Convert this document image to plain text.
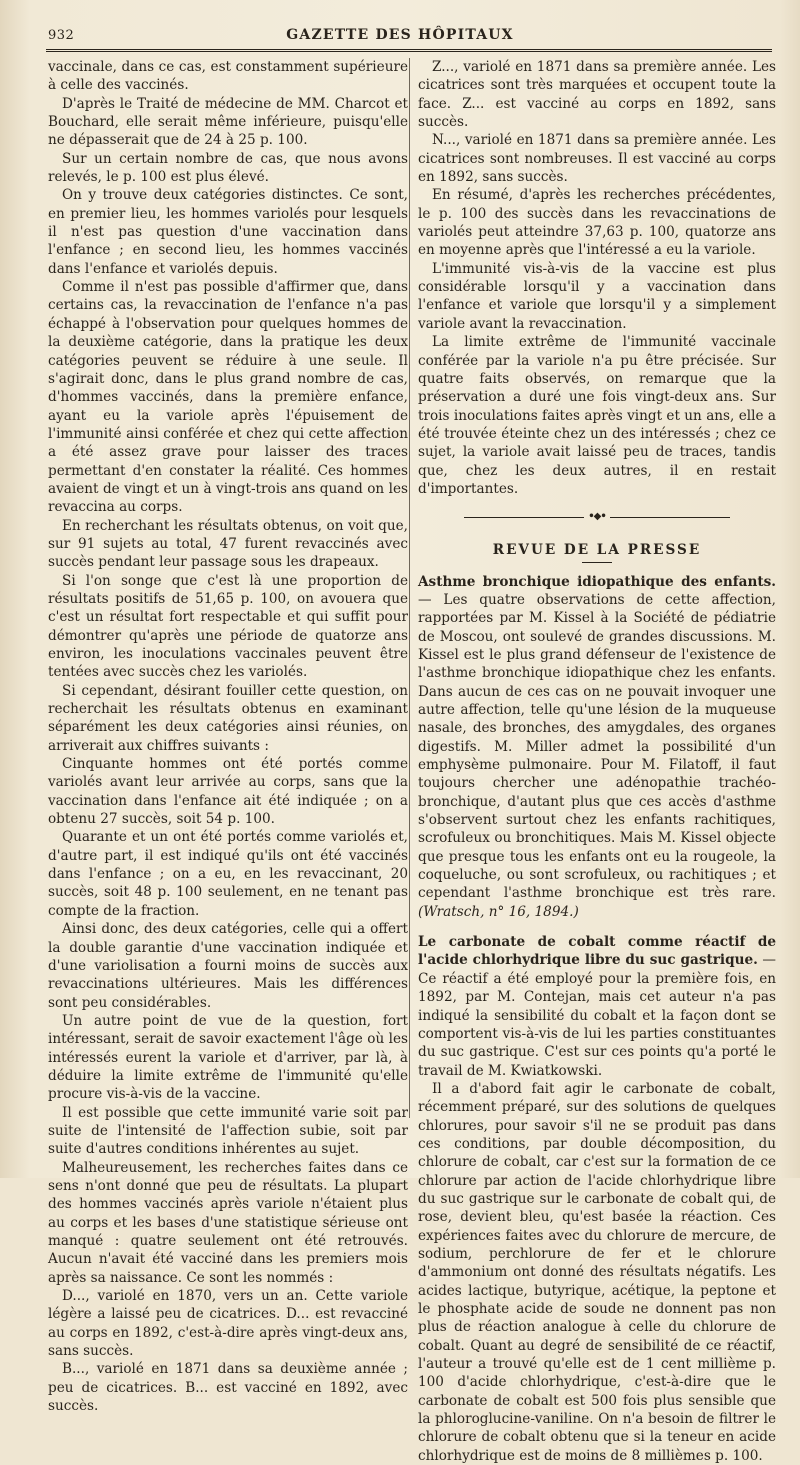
932	GAZETTE DES HÔPITAUX

vaccinale, dans ce cas, est constamment supérieure à celle des vaccinés.

D'après le Traité de médecine de MM. Charcot et Bouchard, elle serait même inférieure, puisqu'elle ne dépasserait que de 24 à 25 p. 100.

Sur un certain nombre de cas, que nous avons relevés, le p. 100 est plus élevé.

On y trouve deux catégories distinctes. Ce sont, en premier lieu, les hommes variolés pour lesquels il n'est pas question d'une vaccination dans l'enfance ; en second lieu, les hommes vaccinés dans l'enfance et variolés depuis.

Comme il n'est pas possible d'affirmer que, dans certains cas, la revaccination de l'enfance n'a pas échappé à l'observation pour quelques hommes de la deuxième catégorie, dans la pratique les deux catégories peuvent se réduire à une seule. Il s'agirait donc, dans le plus grand nombre de cas, d'hommes vaccinés, dans la première enfance, ayant eu la variole après l'épuisement de l'immunité ainsi conférée et chez qui cette affection a été assez grave pour laisser des traces permettant d'en constater la réalité. Ces hommes avaient de vingt et un à vingt-trois ans quand on les revaccina au corps.

En recherchant les résultats obtenus, on voit que, sur 91 sujets au total, 47 furent revaccinés avec succès pendant leur passage sous les drapeaux.

Si l'on songe que c'est là une proportion de résultats positifs de 51,65 p. 100, on avouera que c'est un résultat fort respectable et qui suffit pour démontrer qu'après une période de quatorze ans environ, les inoculations vaccinales peuvent être tentées avec succès chez les variolés.

Si cependant, désirant fouiller cette question, on recherchait les résultats obtenus en examinant séparément les deux catégories ainsi réunies, on arriverait aux chiffres suivants :

Cinquante hommes ont été portés comme variolés avant leur arrivée au corps, sans que la vaccination dans l'enfance ait été indiquée ; on a obtenu 27 succès, soit 54 p. 100.

Quarante et un ont été portés comme variolés et, d'autre part, il est indiqué qu'ils ont été vaccinés dans l'enfance ; on a eu, en les revaccinant, 20 succès, soit 48 p. 100 seulement, en ne tenant pas compte de la fraction.

Ainsi donc, des deux catégories, celle qui a offert la double garantie d'une vaccination indiquée et d'une variolisation a fourni moins de succès aux revaccinations ultérieures. Mais les différences sont peu considérables.

Un autre point de vue de la question, fort intéressant, serait de savoir exactement l'âge où les intéressés eurent la variole et d'arriver, par là, à déduire la limite extrême de l'immunité qu'elle procure vis-à-vis de la vaccine.

Il est possible que cette immunité varie soit par suite de l'intensité de l'affection subie, soit par suite d'autres conditions inhérentes au sujet.

Malheureusement, les recherches faites dans ce sens n'ont donné que peu de résultats. La plupart des hommes vaccinés après variole n'étaient plus au corps et les bases d'une statistique sérieuse ont manqué : quatre seulement ont été retrouvés. Aucun n'avait été vacciné dans les premiers mois après sa naissance. Ce sont les nommés :

D..., variolé en 1870, vers un an. Cette variole légère a laissé peu de cicatrices. D... est revacciné au corps en 1892, c'est-à-dire après vingt-deux ans, sans succès.

B..., variolé en 1871 dans sa deuxième année ; peu de cicatrices. B... est vacciné en 1892, avec succès.

Z..., variolé en 1871 dans sa première année. Les cicatrices sont très marquées et occupent toute la face. Z... est vacciné au corps en 1892, sans succès.

N..., variolé en 1871 dans sa première année. Les cicatrices sont nombreuses. Il est vacciné au corps en 1892, sans succès.

En résumé, d'après les recherches précédentes, le p. 100 des succès dans les revaccinations de variolés peut atteindre 37,63 p. 100, quatorze ans en moyenne après que l'intéressé a eu la variole.

L'immunité vis-à-vis de la vaccine est plus considérable lorsqu'il y a vaccination dans l'enfance et variole que lorsqu'il y a simplement variole avant la revaccination.

La limite extrême de l'immunité vaccinale conférée par la variole n'a pu être précisée. Sur quatre faits observés, on remarque que la préservation a duré une fois vingt-deux ans. Sur trois inoculations faites après vingt et un ans, elle a été trouvée éteinte chez un des intéressés ; chez ce sujet, la variole avait laissé peu de traces, tandis que, chez les deux autres, il en restait d'importantes.

•◆•
REVUE DE LA PRESSE

Asthme bronchique idiopathique des enfants. — Les quatre observations de cette affection, rapportées par M. Kissel à la Société de pédiatrie de Moscou, ont soulevé de grandes discussions. M. Kissel est le plus grand défenseur de l'existence de l'asthme bronchique idiopathique chez les enfants. Dans aucun de ces cas on ne pouvait invoquer une autre affection, telle qu'une lésion de la muqueuse nasale, des bronches, des amygdales, des organes digestifs. M. Miller admet la possibilité d'un emphysème pulmonaire. Pour M. Filatoff, il faut toujours chercher une adénopathie trachéo-bronchique, d'autant plus que ces accès d'asthme s'observent surtout chez les enfants rachitiques, scrofuleux ou bronchitiques. Mais M. Kissel objecte que presque tous les enfants ont eu la rougeole, la coqueluche, ou sont scrofuleux, ou rachitiques ; et cependant l'asthme bronchique est très rare. (Wratsch, n° 16, 1894.)

Le carbonate de cobalt comme réactif de l'acide chlorhydrique libre du suc gastrique. — Ce réactif a été employé pour la première fois, en 1892, par M. Contejan, mais cet auteur n'a pas indiqué la sensibilité du cobalt et la façon dont se comportent vis-à-vis de lui les parties constituantes du suc gastrique. C'est sur ces points qu'a porté le travail de M. Kwiatkowski.

Il a d'abord fait agir le carbonate de cobalt, récemment préparé, sur des solutions de quelques chlorures, pour savoir s'il ne se produit pas dans ces conditions, par double décomposition, du chlorure de cobalt, car c'est sur la formation de ce chlorure par action de l'acide chlorhydrique libre du suc gastrique sur le carbonate de cobalt qui, de rose, devient bleu, qu'est basée la réaction. Ces expériences faites avec du chlorure de mercure, de sodium, perchlorure de fer et le chlorure d'ammonium ont donné des résultats négatifs. Les acides lactique, butyrique, acétique, la peptone et le phosphate acide de soude ne donnent pas non plus de réaction analogue à celle du chlorure de cobalt. Quant au degré de sensibilité de ce réactif, l'auteur a trouvé qu'elle est de 1 cent millième p. 100 d'acide chlorhydrique, c'est-à-dire que le carbonate de cobalt est 500 fois plus sensible que la phloroglucine-vaniline. On n'a besoin de filtrer le chlorure de cobalt obtenu que si la teneur en acide chlorhydrique est de moins de 8 millièmes p. 100.
